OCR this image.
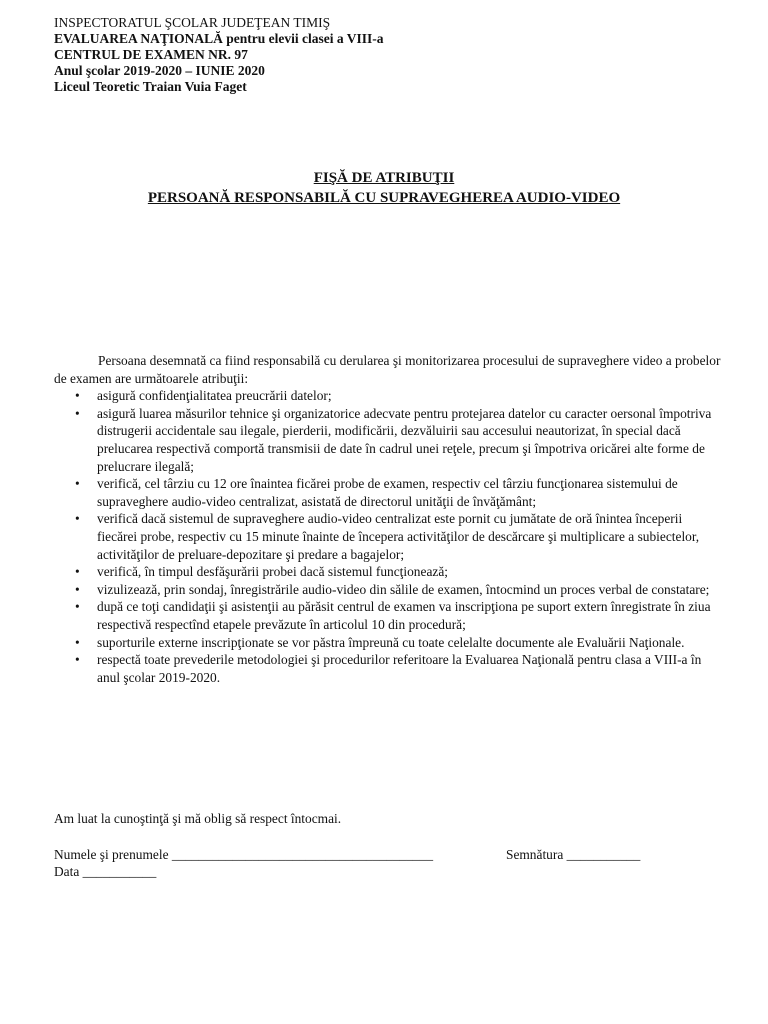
INSPECTORATUL ŞCOLAR JUDEŢEAN TIMIŞ
EVALUAREA NAŢIONALĂ pentru elevii clasei a VIII-a
CENTRUL DE EXAMEN NR. 97
Anul şcolar 2019-2020 – IUNIE 2020
Liceul Teoretic Traian Vuia Faget
FIŞĂ DE ATRIBUŢII
PERSOANĂ RESPONSABILĂ CU SUPRAVEGHEREA AUDIO-VIDEO

Persoana desemnată ca fiind responsabilă cu derularea şi monitorizarea procesului de supraveghere video a probelor de examen are următoarele atribuţii:

• asigură confidenţialitatea preucrării datelor;
• asigură luarea măsurilor tehnice şi organizatorice adecvate pentru protejarea datelor cu caracter oersonal împotriva distrugerii accidentale sau ilegale, pierderii, modificării, dezvăluirii sau accesului neautorizat, în special dacă prelucarea respectivă comportă transmisii de date în cadrul unei reţele, precum şi împotriva oricărei alte forme de prelucrare ilegală;
• verifică, cel târziu cu 12 ore înaintea ficărei probe de examen, respectiv cel târziu funcţionarea sistemului de supraveghere audio-video centralizat, asistată de directorul unităţii de învăţământ;
• verifică dacă sistemul de supraveghere audio-video centralizat este pornit cu jumătate de oră înintea începerii fiecărei probe, respectiv cu 15 minute înainte de începera activităţilor de descărcare şi multiplicare a subiectelor, activităţilor de preluare-depozitare şi predare a bagajelor;
• verifică, în timpul desfăşurării probei dacă sistemul funcţionează;
• vizulizează, prin sondaj, înregistrările audio-video din sălile de examen, întocmind un proces verbal de constatare;
• după ce toţi candidaţii şi asistenţii au părăsit centrul de examen va inscripţiona pe suport extern înregistrate în ziua respectivă respectînd etapele prevăzute în articolul 10 din procedură;
• suporturile externe inscripţionate se vor păstra împreună cu toate celelalte documente ale Evaluării Naţionale.
• respectă toate prevederile metodologiei şi procedurilor referitoare la Evaluarea Naţională pentru clasa a VIII-a în anul şcolar 2019-2020.
Am luat la cunoştinţă şi mă oblig să respect întocmai.
Numele şi prenumele _______________________________________	Semnătura ___________
Data ___________
